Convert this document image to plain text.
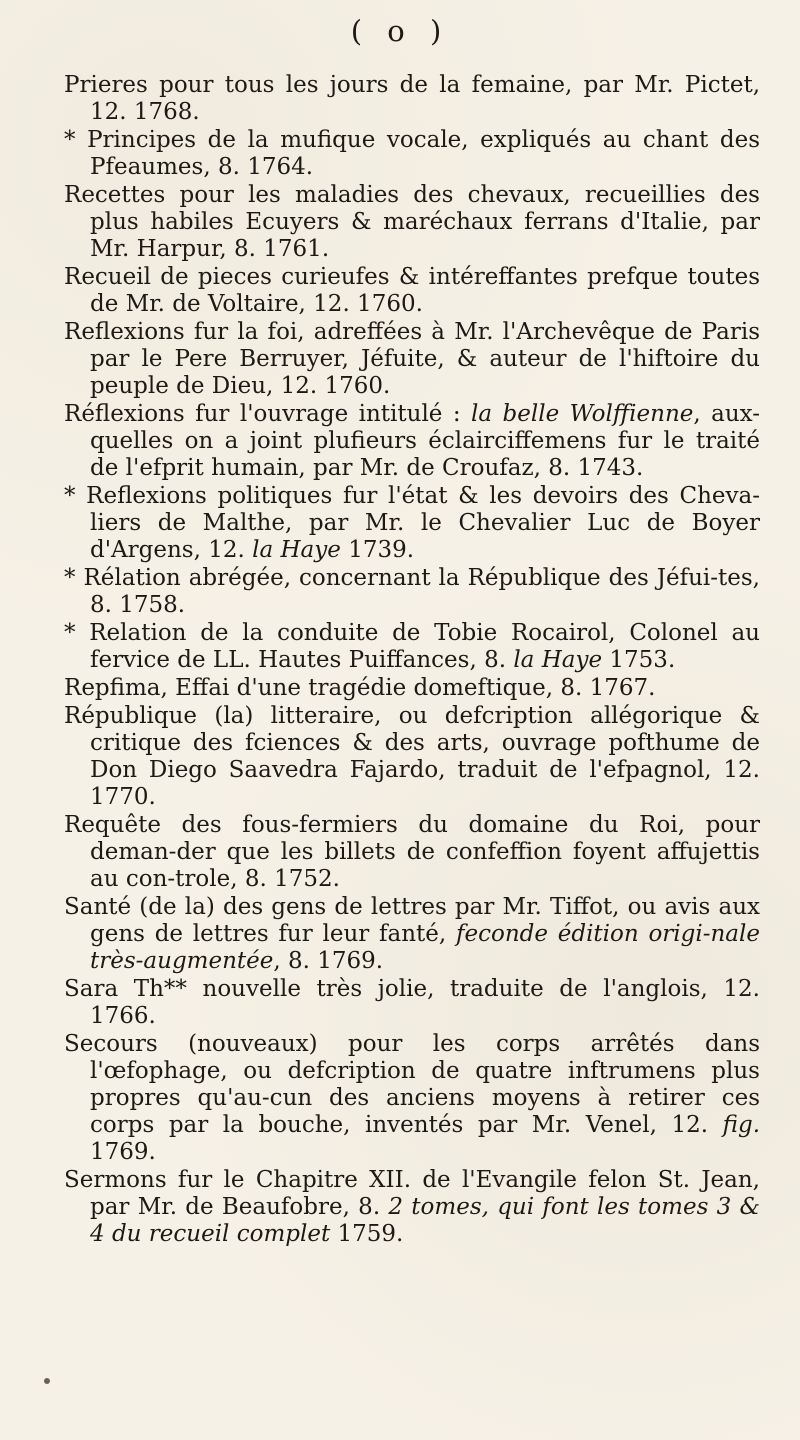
( o )

Prieres pour tous les jours de la femaine, par Mr. Pictet, 12. 1768.

* Principes de la mufique vocale, expliqués au chant des Pfeaumes, 8. 1764.

Recettes pour les maladies des chevaux, recueillies des plus habiles Ecuyers & maréchaux ferrans d'Italie, par Mr. Harpur, 8. 1761.

Recueil de pieces curieufes & intéreffantes prefque toutes de Mr. de Voltaire, 12. 1760.

Reflexions fur la foi, adreffées à Mr. l'Archevêque de Paris par le Pere Berruyer, Jéfuite, & auteur de l'hiftoire du peuple de Dieu, 12. 1760.

Réflexions fur l'ouvrage intitulé : la belle Wolffienne, aux-quelles on a joint plufieurs éclairciffemens fur le traité de l'efprit humain, par Mr. de Croufaz, 8. 1743.

* Reflexions politiques fur l'état & les devoirs des Cheva-liers de Malthe, par Mr. le Chevalier Luc de Boyer d'Argens, 12. la Haye 1739.

* Rélation abrégée, concernant la République des Jéfui-tes, 8. 1758.

* Relation de la conduite de Tobie Rocairol, Colonel au fervice de LL. Hautes Puiffances, 8. la Haye 1753.

Repfima, Effai d'une tragédie domeftique, 8. 1767.

République (la) litteraire, ou defcription allégorique & critique des fciences & des arts, ouvrage pofthume de Don Diego Saavedra Fajardo, traduit de l'efpagnol, 12. 1770.

Requête des fous-fermiers du domaine du Roi, pour deman-der que les billets de confeffion foyent affujettis au con-trole, 8. 1752.

Santé (de la) des gens de lettres par Mr. Tiffot, ou avis aux gens de lettres fur leur fanté, feconde édition origi-nale très-augmentée, 8. 1769.

Sara Th** nouvelle très jolie, traduite de l'anglois, 12. 1766.

Secours (nouveaux) pour les corps arrêtés dans l'œfophage, ou defcription de quatre inftrumens plus propres qu'au-cun des anciens moyens à retirer ces corps par la bouche, inventés par Mr. Venel, 12. fig. 1769.

Sermons fur le Chapitre XII. de l'Evangile felon St. Jean, par Mr. de Beaufobre, 8. 2 tomes, qui font les tomes 3 & 4 du recueil complet 1759.
